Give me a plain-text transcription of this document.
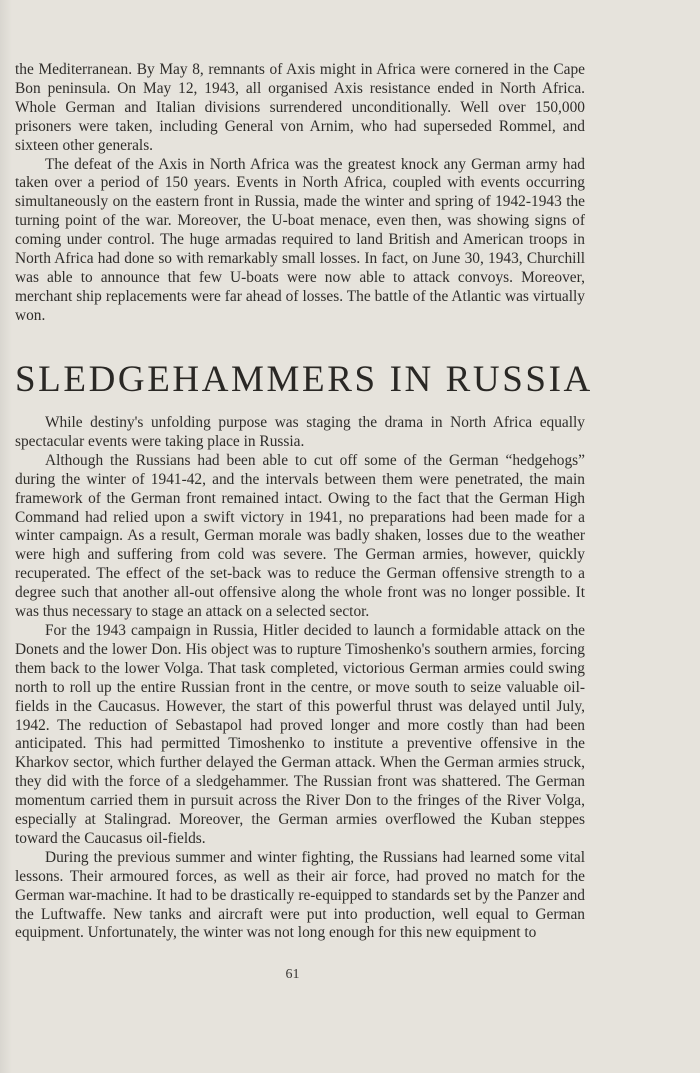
the Mediterranean. By May 8, remnants of Axis might in Africa were cornered in the Cape Bon peninsula. On May 12, 1943, all organised Axis resistance ended in North Africa. Whole German and Italian divisions surrendered unconditionally. Well over 150,000 prisoners were taken, including General von Arnim, who had superseded Rommel, and sixteen other generals.

The defeat of the Axis in North Africa was the greatest knock any German army had taken over a period of 150 years. Events in North Africa, coupled with events occurring simultaneously on the eastern front in Russia, made the winter and spring of 1942-1943 the turning point of the war. Moreover, the U-boat menace, even then, was showing signs of coming under control. The huge armadas required to land British and American troops in North Africa had done so with remarkably small losses. In fact, on June 30, 1943, Churchill was able to announce that few U-boats were now able to attack convoys. Moreover, merchant ship replacements were far ahead of losses. The battle of the Atlantic was virtually won.

SLEDGEHAMMERS IN RUSSIA

While destiny's unfolding purpose was staging the drama in North Africa equally spectacular events were taking place in Russia.

Although the Russians had been able to cut off some of the German “hedgehogs” during the winter of 1941-42, and the intervals between them were penetrated, the main framework of the German front remained intact. Owing to the fact that the German High Command had relied upon a swift victory in 1941, no preparations had been made for a winter campaign. As a result, German morale was badly shaken, losses due to the weather were high and suffering from cold was severe. The German armies, however, quickly recuperated. The effect of the set-back was to reduce the German offensive strength to a degree such that another all-out offensive along the whole front was no longer possible. It was thus necessary to stage an attack on a selected sector.

For the 1943 campaign in Russia, Hitler decided to launch a formidable attack on the Donets and the lower Don. His object was to rupture Timoshenko's southern armies, forcing them back to the lower Volga. That task completed, victorious German armies could swing north to roll up the entire Russian front in the centre, or move south to seize valuable oil-fields in the Caucasus. However, the start of this powerful thrust was delayed until July, 1942. The reduction of Sebastapol had proved longer and more costly than had been anticipated. This had permitted Timoshenko to institute a preventive offensive in the Kharkov sector, which further delayed the German attack. When the German armies struck, they did with the force of a sledgehammer. The Russian front was shattered. The German momentum carried them in pursuit across the River Don to the fringes of the River Volga, especially at Stalingrad. Moreover, the German armies overflowed the Kuban steppes toward the Caucasus oil-fields.

During the previous summer and winter fighting, the Russians had learned some vital lessons. Their armoured forces, as well as their air force, had proved no match for the German war-machine. It had to be drastically re-equipped to standards set by the Panzer and the Luftwaffe. New tanks and aircraft were put into production, well equal to German equipment. Unfortunately, the winter was not long enough for this new equipment to

61
